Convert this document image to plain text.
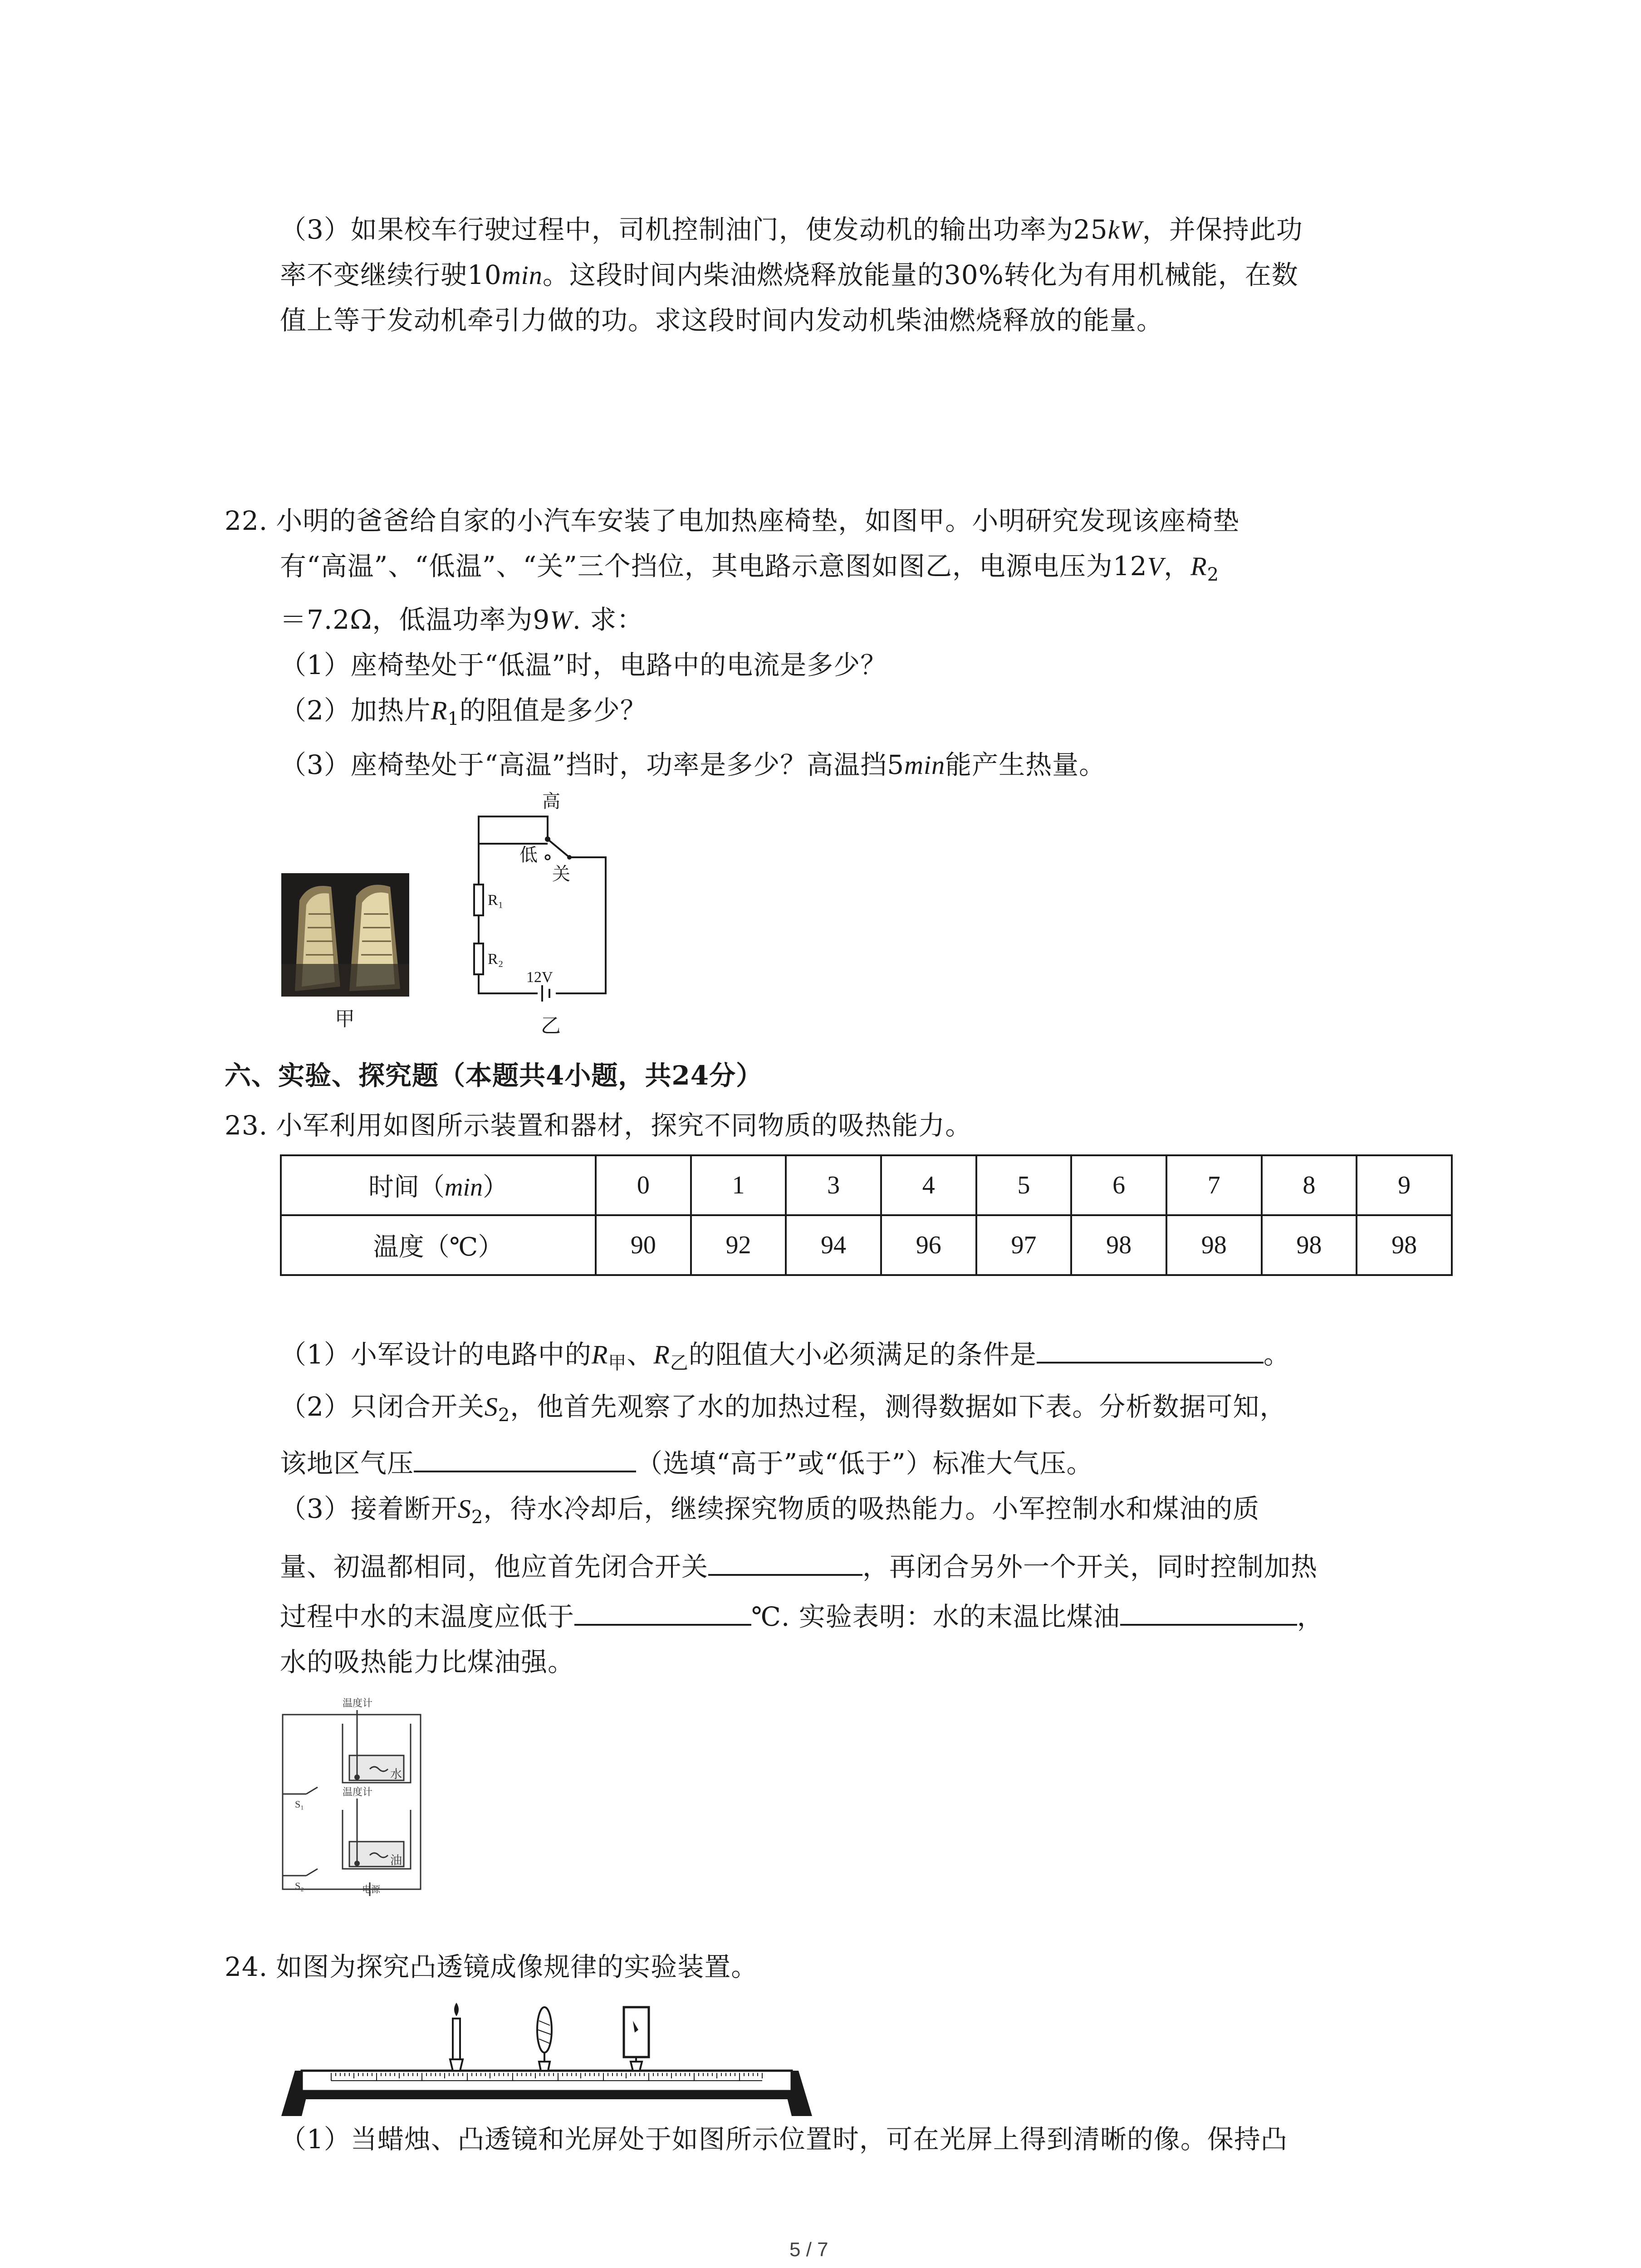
（3）如果校车行驶过程中，司机控制油门，使发动机的输出功率为25kW，并保持此功
率不变继续行驶10min。这段时间内柴油燃烧释放能量的30%转化为有用机械能，在数
值上等于发动机牵引力做的功。求这段时间内发动机柴油燃烧释放的能量。
22. 小明的爸爸给自家的小汽车安装了电加热座椅垫，如图甲。小明研究发现该座椅垫
有“高温”、“低温”、“关”三个挡位，其电路示意图如图乙，电源电压为12V，$R_2$
＝7.2Ω，低温功率为9W. 求：
（1）座椅垫处于“低温”时，电路中的电流是多少？
（2）加热片$R_1$的阻值是多少？
（3）座椅垫处于“高温”挡时，功率是多少？高温挡5min能产生热量。
甲
高
低
关
R₁
R₂
12V
乙
六、实验、探究题（本题共4小题，共24分）
23. 小军利用如图所示装置和器材，探究不同物质的吸热能力。
时间（min）	0	1	3	4	5	6	7	8	9
温度（℃）	90	92	94	96	97	98	98	98	98
（1）小军设计的电路中的$R_甲$、$R_乙$的阻值大小必须满足的条件是	。
（2）只闭合开关$S_2$，他首先观察了水的加热过程，测得数据如下表。分析数据可知，
该地区气压	（选填“高于”或“低于”）标准大气压。
（3）接着断开$S_2$，待水冷却后，继续探究物质的吸热能力。小军控制水和煤油的质
量、初温都相同，他应首先闭合开关	，再闭合另外一个开关，同时控制加热
过程中水的末温度应低于	℃. 实验表明：水的末温比煤油	，
水的吸热能力比煤油强。
温度计
温度计
水
油
S₁
S₂	电源
24. 如图为探究凸透镜成像规律的实验装置。
（1）当蜡烛、凸透镜和光屏处于如图所示位置时，可在光屏上得到清晰的像。保持凸
5 / 7
